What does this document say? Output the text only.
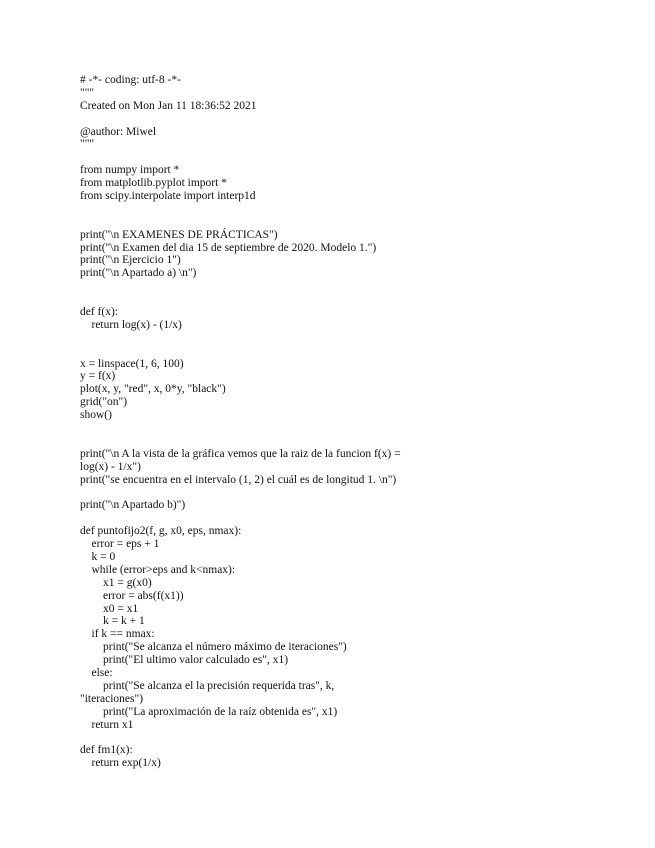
# -*- coding: utf-8 -*-
"""
Created on Mon Jan 11 18:36:52 2021
@author: Miwel
"""
from numpy import *
from matplotlib.pyplot import *
from scipy.interpolate import interp1d
print("\n EXAMENES DE PRÁCTICAS")
print("\n Examen del dia 15 de septiembre de 2020. Modelo 1.")
print("\n Ejercicio 1")
print("\n Apartado a) \n")
def f(x):
return log(x) - (1/x)
x = linspace(1, 6, 100)
y = f(x)
plot(x, y, "red", x, 0*y, "black")
grid("on")
show()
print("\n A la vista de la gráfica vemos que la raiz de la funcion f(x) =
log(x) - 1/x")
print("se encuentra en el intervalo (1, 2) el cuál es de longitud 1. \n")
print("\n Apartado b)")
def puntofijo2(f, g, x0, eps, nmax):
error = eps + 1
k = 0
while (error>eps and k<nmax):
x1 = g(x0)
error = abs(f(x1))
x0 = x1
k = k + 1
if k == nmax:
print("Se alcanza el número máximo de iteraciones")
print("El ultimo valor calculado es", x1)
else:
print("Se alcanza el la precisión requerida tras", k,
"iteraciones")
print("La aproximación de la raíz obtenida es", x1)
return x1
def fm1(x):
return exp(1/x)
